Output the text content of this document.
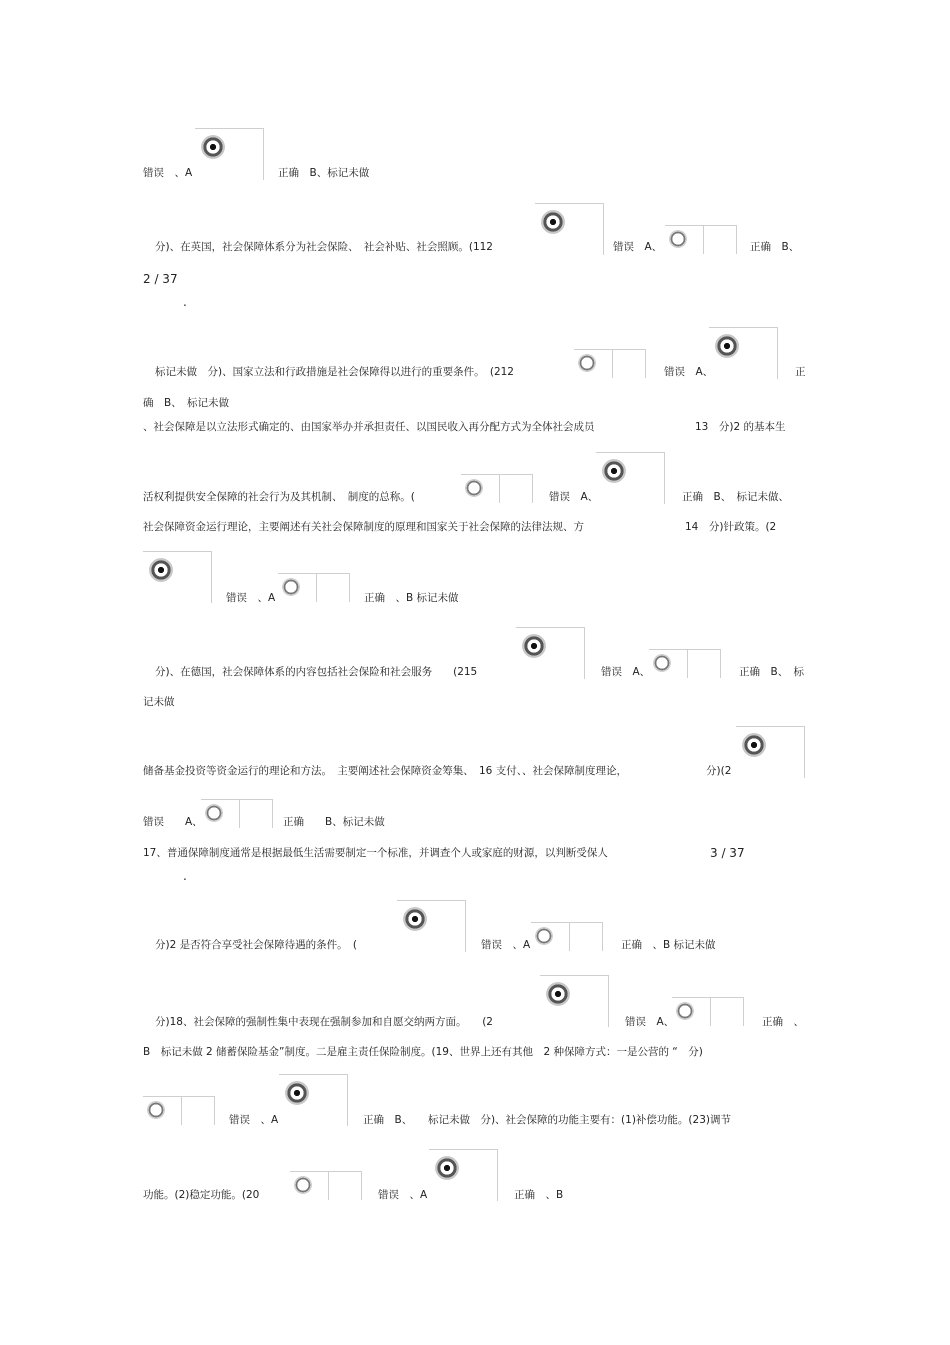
错误　、A	正确　B、标记未做
分)、在英国，社会保障体系分为社会保险、　社会补贴、社会照顾。(112	错误　A、	正确　B、
2 / 37
.
标记未做　分)、国家立法和行政措施是社会保障得以进行的重要条件。　(212	错误　A、	正
确　B、　标记未做
、社会保障是以立法形式确定的、由国家举办并承担责任、以国民收入再分配方式为全体社会成员	13　分)2 的基本生
活权利提供安全保障的社会行为及其机制、　制度的总称。(	错误　A、	正确　B、　标记未做、
社会保障资金运行理论，主要阐述有关社会保障制度的原理和国家关于社会保障的法律法规、方	14　分)针政策。(2
错误　、A	正确　、B 标记未做
分)、在德国，社会保障体系的内容包括社会保险和社会服务　　(215	错误　A、	正确　B、　标
记未做
储备基金投资等资金运行的理论和方法。　主要阐述社会保障资金筹集、　16 支付、、社会保障制度理论，	分)(2
错误　　A、	正确　　B、标记未做
17、普通保障制度通常是根据最低生活需要制定一个标准，并调查个人或家庭的财源，以判断受保人	3 / 37
.
分)2 是否符合享受社会保障待遇的条件。　(	错误　、A	正确　、B 标记未做
分)18、社会保障的强制性集中表现在强制参加和自愿交纳两方面。　　(2	错误　A、	正确　、
B　标记未做 2 储蓄保险基金”制度。二是雇主责任保险制度。(19、世界上还有其他　2 种保障方式：一是公营的 “　分)
错误　、A	正确　B、　　标记未做　分)、社会保障的功能主要有：(1)补偿功能。(23)调节
功能。(2)稳定功能。(20	错误　、A	正确　、B
